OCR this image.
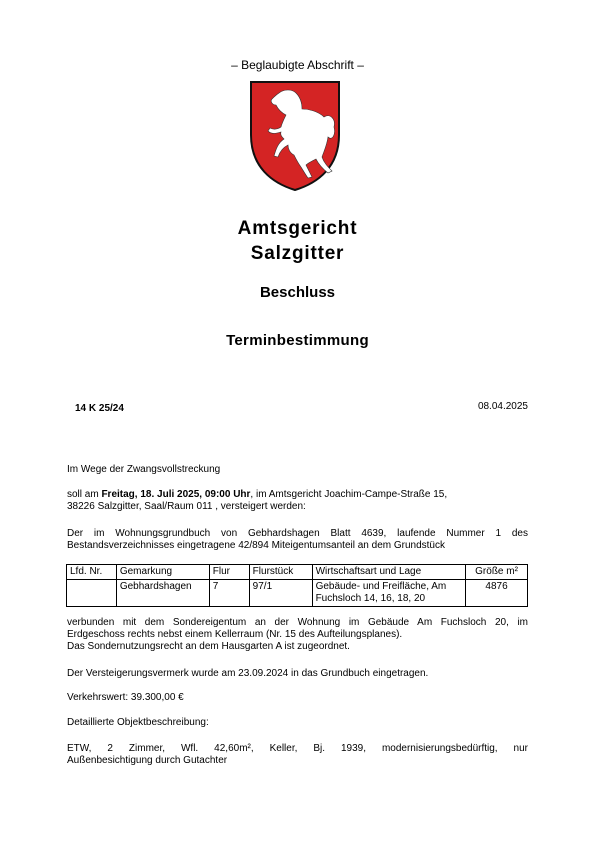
– Beglaubigte Abschrift –
Amtsgericht
Salzgitter
Beschluss
Terminbestimmung
14 K 25/24	08.04.2025
Im Wege der Zwangsvollstreckung
soll am Freitag, 18. Juli 2025, 09:00 Uhr, im Amtsgericht Joachim-Campe-Straße 15,
38226 Salzgitter, Saal/Raum 011 , versteigert werden:
Der im Wohnungsgrundbuch von Gebhardshagen Blatt 4639, laufende Nummer 1 des
Bestandsverzeichnisses eingetragene 42/894 Miteigentumsanteil an dem Grundstück
Lfd. Nr.	Gemarkung	Flur	Flurstück	Wirtschaftsart und Lage	Größe m²
	Gebhardshagen	7	97/1	Gebäude- und Freifläche, Am
Fuchsloch 14, 16, 18, 20	4876
verbunden mit dem Sondereigentum an der Wohnung im Gebäude Am Fuchsloch 20, im
Erdgeschoss rechts nebst einem Kellerraum (Nr. 15 des Aufteilungsplanes).
Das Sondernutzungsrecht an dem Hausgarten A ist zugeordnet.
Der Versteigerungsvermerk wurde am 23.09.2024 in das Grundbuch eingetragen.
Verkehrswert: 39.300,00 €
Detaillierte Objektbeschreibung:
ETW, 2 Zimmer, Wfl. 42,60m², Keller, Bj. 1939, modernisierungsbedürftig, nur
Außenbesichtigung durch Gutachter
